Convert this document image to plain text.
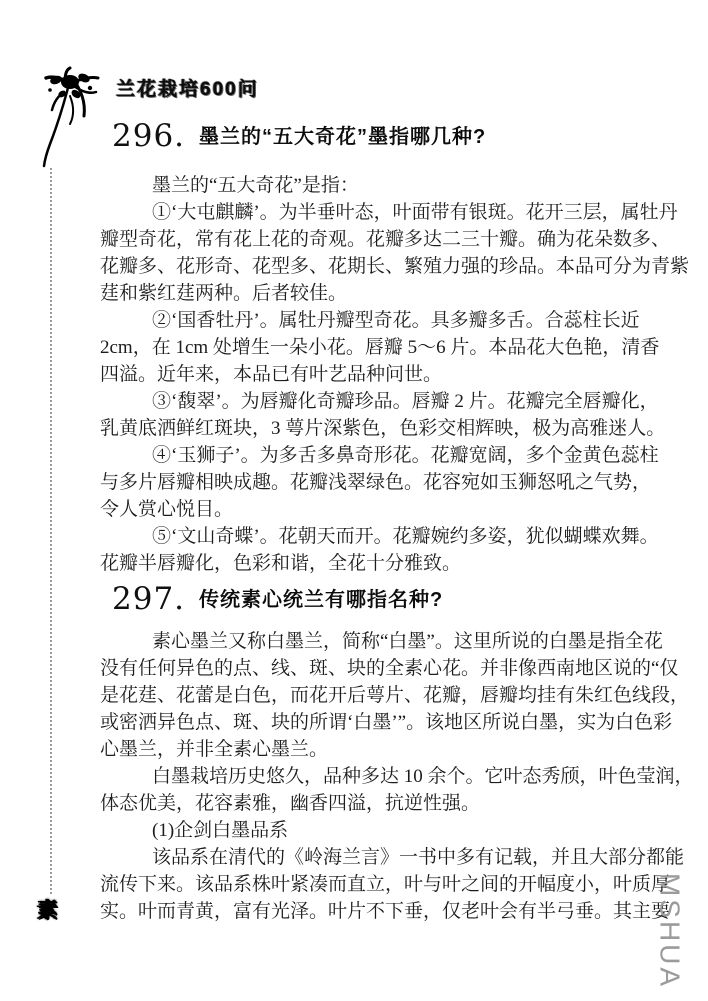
兰花栽培600问
296. 墨兰的“五大奇花”墨指哪几种?
墨兰的“五大奇花”是指：
①‘大屯麒麟’。为半垂叶态，叶面带有银斑。花开三层，属牡丹
瓣型奇花，常有花上花的奇观。花瓣多达二三十瓣。确为花朵数多、
花瓣多、花形奇、花型多、花期长、繁殖力强的珍品。本品可分为青紫
莛和紫红莛两种。后者较佳。
②‘国香牡丹’。属牡丹瓣型奇花。具多瓣多舌。合蕊柱长近
2cm，在 1cm 处增生一朵小花。唇瓣 5～6 片。本品花大色艳，清香
四溢。近年来，本品已有叶艺品种问世。
③‘馥翠’。为唇瓣化奇瓣珍品。唇瓣 2 片。花瓣完全唇瓣化，
乳黄底洒鲜红斑块，3 萼片深紫色，色彩交相辉映，极为高雅迷人。
④‘玉狮子’。为多舌多鼻奇形花。花瓣宽阔，多个金黄色蕊柱
与多片唇瓣相映成趣。花瓣浅翠绿色。花容宛如玉狮怒吼之气势，
令人赏心悦目。
⑤‘文山奇蝶’。花朝天而开。花瓣婉约多姿，犹似蝴蝶欢舞。
花瓣半唇瓣化，色彩和谐，全花十分雅致。
297. 传统素心统兰有哪指名种?
素心墨兰又称白墨兰，简称“白墨”。这里所说的白墨是指全花
没有任何异色的点、线、斑、块的全素心花。并非像西南地区说的“仅
是花莛、花蕾是白色，而花开后萼片、花瓣，唇瓣均挂有朱红色线段，
或密洒异色点、斑、块的所谓‘白墨’”。该地区所说白墨，实为白色彩
心墨兰，并非全素心墨兰。
白墨栽培历史悠久，品种多达 10 余个。它叶态秀颀，叶色莹润，
体态优美，花容素雅，幽香四溢，抗逆性强。
(1)企剑白墨品系
该品系在清代的《岭海兰言》一书中多有记载，并且大部分都能
流传下来。该品系株叶紧凑而直立，叶与叶之间的开幅度小，叶质厚
实。叶而青黄，富有光泽。叶片不下垂，仅老叶会有半弓垂。其主要
素	MSHUA
